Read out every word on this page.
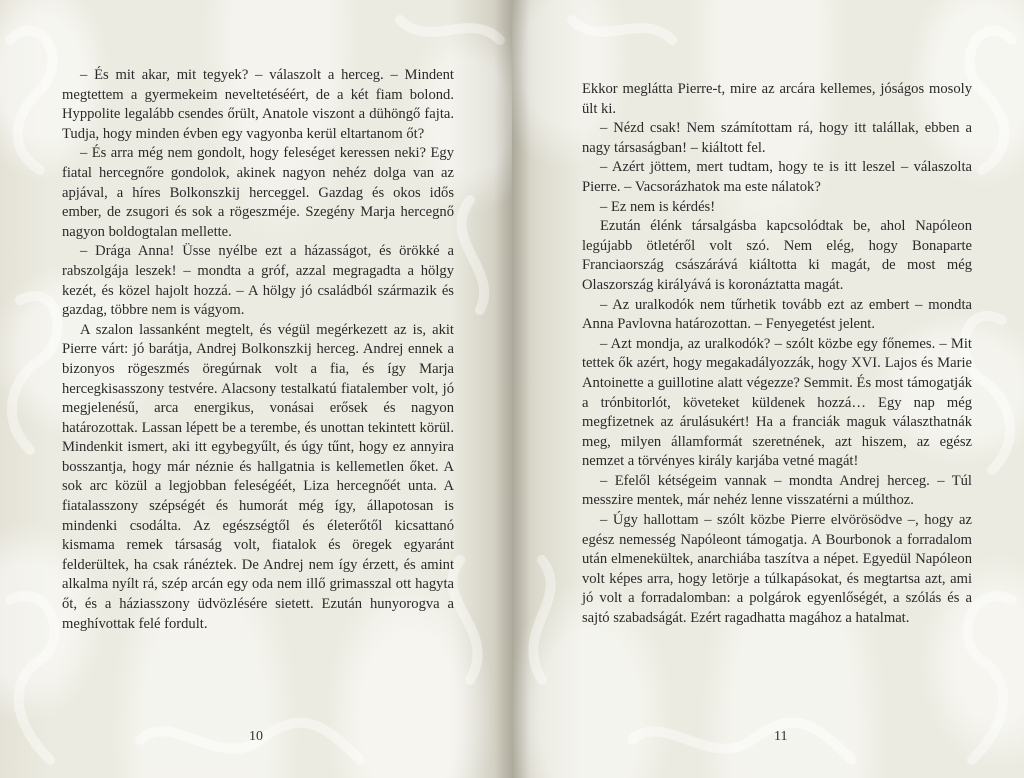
– És mit akar, mit tegyek? – válaszolt a herceg. – Mindent megtettem a gyermekeim neveltetéséért, de a két fiam bolond. Hyppolite legalább csendes őrült, Anatole viszont a dühöngő fajta. Tudja, hogy minden évben egy vagyonba kerül eltartanom őt?

– És arra még nem gondolt, hogy feleséget keressen neki? Egy fiatal hercegnőre gondolok, akinek nagyon nehéz dolga van az apjával, a híres Bolkonszkij herceggel. Gazdag és okos idős ember, de zsugori és sok a rögeszméje. Szegény Marja hercegnő nagyon boldogtalan mellette.

– Drága Anna! Üsse nyélbe ezt a házasságot, és örökké a rabszolgája leszek! – mondta a gróf, azzal megragadta a hölgy kezét, és közel hajolt hozzá. – A hölgy jó családból származik és gazdag, többre nem is vágyom.

A szalon lassanként megtelt, és végül megérkezett az is, akit Pierre várt: jó barátja, Andrej Bolkonszkij herceg. Andrej ennek a bizonyos rögeszmés öregúrnak volt a fia, és így Marja hercegkisasszony testvére. Alacsony testalkatú fiatalember volt, jó megjelenésű, arca energikus, vonásai erősek és nagyon határozottak. Lassan lépett be a terembe, és unottan tekintett körül. Mindenkit ismert, aki itt egybegyűlt, és úgy tűnt, hogy ez annyira bosszantja, hogy már néznie és hallgatnia is kellemetlen őket. A sok arc közül a legjobban feleségéét, Liza hercegnőét unta. A fiatalasszony szépségét és humorát még így, állapotosan is mindenki csodálta. Az egészségtől és életerőtől kicsattanó kismama remek társaság volt, fiatalok és öregek egyaránt felderültek, ha csak ránéztek. De Andrej nem így érzett, és amint alkalma nyílt rá, szép arcán egy oda nem illő grimasszal ott hagyta őt, és a háziasszony üdvözlésére sietett. Ezután hunyorogva a meghívottak felé fordult.

10

Ekkor meglátta Pierre-t, mire az arcára kellemes, jóságos mosoly ült ki.

– Nézd csak! Nem számítottam rá, hogy itt talállak, ebben a nagy társaságban! – kiáltott fel.

– Azért jöttem, mert tudtam, hogy te is itt leszel – válaszolta Pierre. – Vacsorázhatok ma este nálatok?

– Ez nem is kérdés!

Ezután élénk társalgásba kapcsolódtak be, ahol Napóleon legújabb ötletéről volt szó. Nem elég, hogy Bonaparte Franciaország császárává kiáltotta ki magát, de most még Olaszország királyává is koronáztatta magát.

– Az uralkodók nem tűrhetik tovább ezt az embert – mondta Anna Pavlovna határozottan. – Fenyegetést jelent.

– Azt mondja, az uralkodók? – szólt közbe egy főnemes. – Mit tettek ők azért, hogy megakadályozzák, hogy XVI. Lajos és Marie Antoinette a guillotine alatt végezze? Semmit. És most támogatják a trónbitorlót, követeket küldenek hozzá… Egy nap még megfizetnek az árulásukért! Ha a franciák maguk választhatnák meg, milyen államformát szeretnének, azt hiszem, az egész nemzet a törvényes király karjába vetné magát!

– Efelől kétségeim vannak – mondta Andrej herceg. – Túl messzire mentek, már nehéz lenne visszatérni a múlthoz.

– Úgy hallottam – szólt közbe Pierre elvörösödve –, hogy az egész nemesség Napóleont támogatja. A Bourbonok a forradalom után elmenekültek, anarchiába taszítva a népet. Egyedül Napóleon volt képes arra, hogy letörje a túlkapásokat, és megtartsa azt, ami jó volt a forradalomban: a polgárok egyenlőségét, a szólás és a sajtó szabadságát. Ezért ragadhatta magához a hatalmat.

11
